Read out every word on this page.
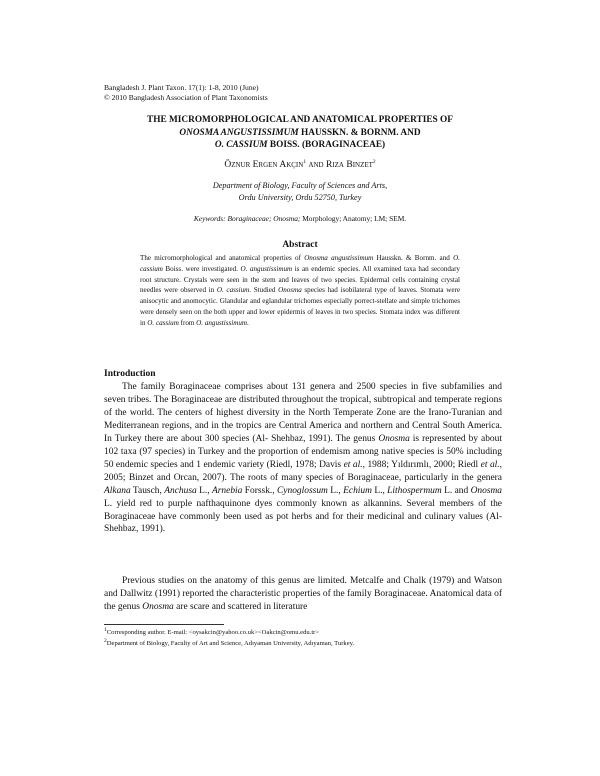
Bangladesh J. Plant Taxon. 17(1): 1-8, 2010 (June)
© 2010 Bangladesh Association of Plant Taxonomists
THE MICROMORPHOLOGICAL AND ANATOMICAL PROPERTIES OF
ONOSMA ANGUSTISSIMUM HAUSSKN. & BORNM. AND
O. CASSIUM BOISS. (BORAGINACEAE)
Öznur Ergen Akçin$^1$ and Rıza Binzet$^2$
Department of Biology, Faculty of Sciences and Arts,
Ordu University, Ordu 52750, Turkey
Keywords: Boraginaceae; Onosma; Morphology; Anatomy; LM; SEM.
Abstract
The micromorphological and anatomical properties of Onosma angustissimum Hausskn. & Bornm. and O. cassium Boiss. were investigated. O. angustissimum is an endemic species. All examined taxa had secondary root structure. Crystals were seen in the stem and leaves of two species. Epidermal cells containing crystal needles were observed in O. cassium. Studied Onosma species had isobilateral type of leaves. Stomata were anisocytic and anomocytic. Glandular and eglandular trichomes especially porrect-stellate and simple trichomes were densely seen on the both upper and lower epidermis of leaves in two species. Stomata index was different in O. cassium from O. angustissimum.
Introduction
The family Boraginaceae comprises about 131 genera and 2500 species in five subfamilies and seven tribes. The Boraginaceae are distributed throughout the tropical, subtropical and temperate regions of the world. The centers of highest diversity in the North Temperate Zone are the Irano-Turanian and Mediterranean regions, and in the tropics are Central America and northern and Central South America. In Turkey there are about 300 species (Al- Shehbaz, 1991). The genus Onosma is represented by about 102 taxa (97 species) in Turkey and the proportion of endemism among native species is 50% including 50 endemic species and 1 endemic variety (Riedl, 1978; Davis et al., 1988; Yıldırımlı, 2000; Riedl et al., 2005; Binzet and Orcan, 2007). The roots of many species of Boraginaceae, particularly in the genera Alkana Tausch, Anchusa L., Arnebia Forssk., Cynoglossum L., Echium L., Lithospermum L. and Onosma L. yield red to purple nafthaquinone dyes commonly known as alkannins. Several members of the Boraginaceae have commonly been used as pot herbs and for their medicinal and culinary values (Al- Shehbaz, 1991).
Previous studies on the anatomy of this genus are limited. Metcalfe and Chalk (1979) and Watson and Dallwitz (1991) reported the characteristic properties of the family Boraginaceae. Anatomical data of the genus Onosma are scare and scattered in literature
$^1$Corresponding author. E-mail: <oysakcin@yahoo.co.uk><Oakcin@omu.edu.tr>
$^2$Department of Biology, Faculty of Art and Science, Adıyaman University, Adıyaman, Turkey.
